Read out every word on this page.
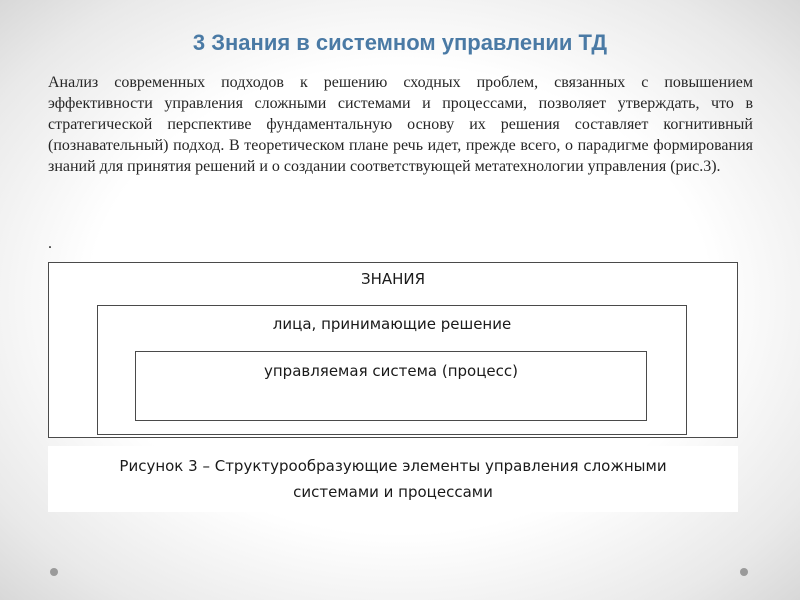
3 Знания в системном управлении ТД

Анализ современных подходов к решению сходных проблем, связанных с повышением эффективности управления сложными системами и процессами, позволяет утверждать, что в стратегической перспективе фундаментальную основу их решения составляет когнитивный (познавательный) подход. В теоретическом плане речь идет, прежде всего, о парадигме формирования знаний для принятия решений и о создании соответствующей метатехнологии управления (рис.3).

.
ЗНАНИЯ
лица, принимающие решение
управляемая система (процесс)
Рисунок 3 – Структурообразующие элементы управления сложными
системами и процессами
